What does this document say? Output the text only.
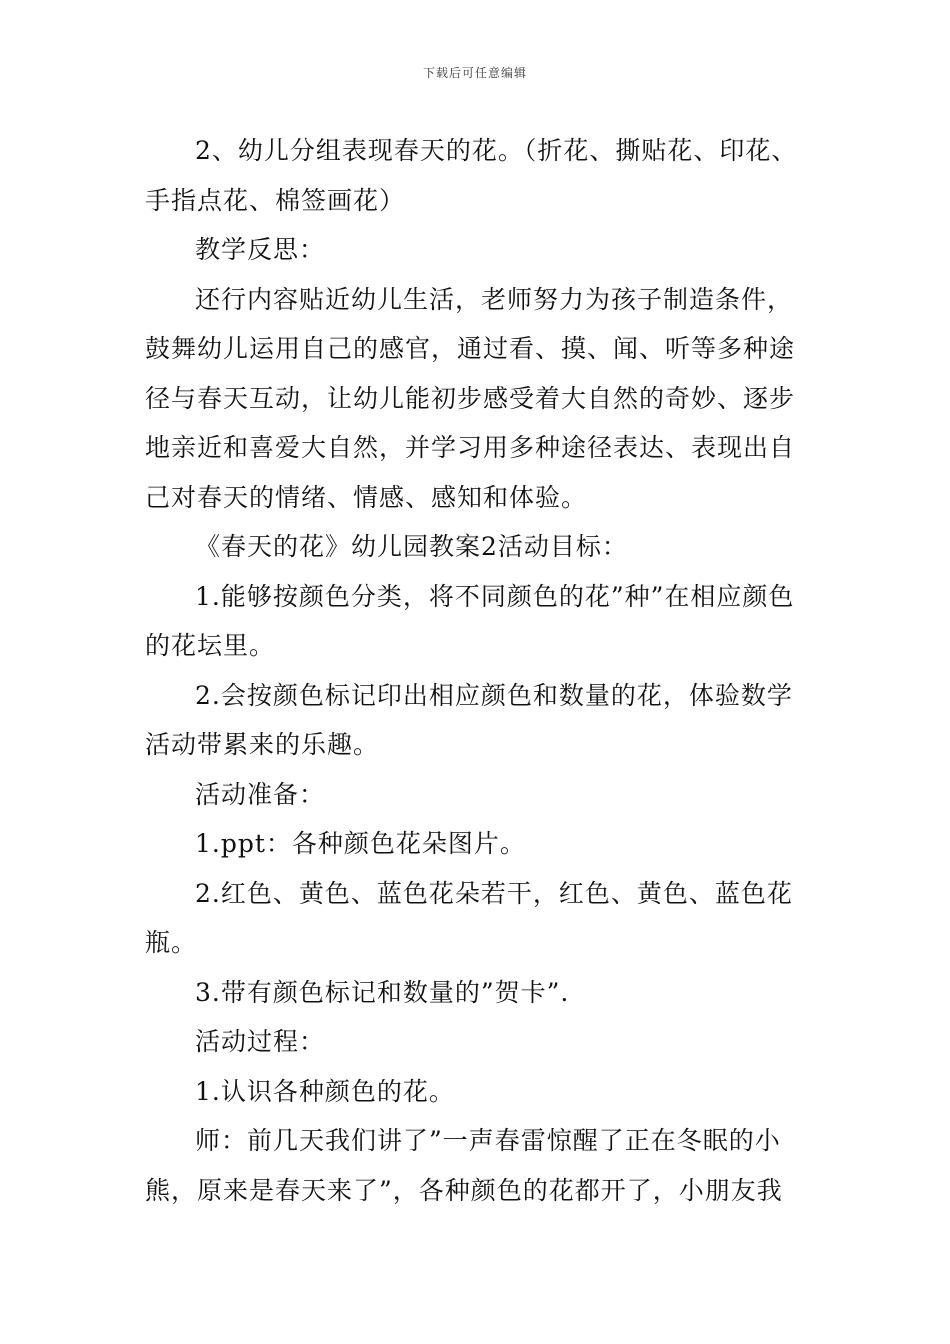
下载后可任意编辑

2、幼儿分组表现春天的花。（折花、撕贴花、印花、手指点花、棉签画花）

教学反思：

还行内容贴近幼儿生活，老师努力为孩子制造条件，鼓舞幼儿运用自己的感官，通过看、摸、闻、听等多种途径与春天互动，让幼儿能初步感受着大自然的奇妙、逐步地亲近和喜爱大自然，并学习用多种途径表达、表现出自己对春天的情绪、情感、感知和体验。

《春天的花》幼儿园教案2活动目标：

1.能够按颜色分类，将不同颜色的花”种”在相应颜色的花坛里。

2.会按颜色标记印出相应颜色和数量的花，体验数学活动带累来的乐趣。

活动准备：

1.ppt：各种颜色花朵图片。

2.红色、黄色、蓝色花朵若干，红色、黄色、蓝色花瓶。

3.带有颜色标记和数量的”贺卡”.

活动过程：

1.认识各种颜色的花。

师：前几天我们讲了”一声春雷惊醒了正在冬眠的小熊，原来是春天来了”，各种颜色的花都开了，小朋友我
